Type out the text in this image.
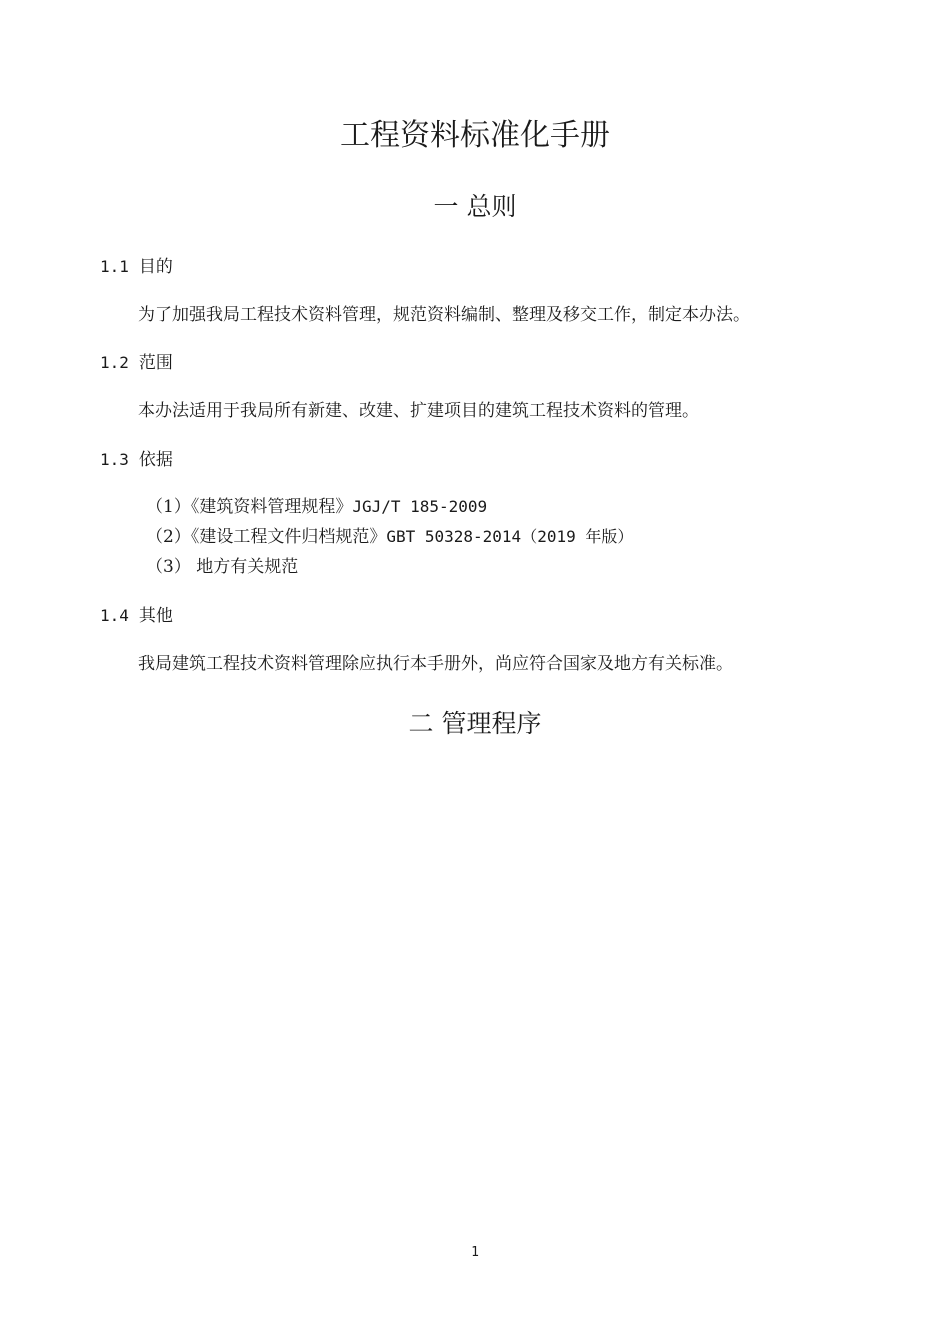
工程资料标准化手册
一 总则
1.1 目的
为了加强我局工程技术资料管理，规范资料编制、整理及移交工作，制定本办法。
1.2 范围
本办法适用于我局所有新建、改建、扩建项目的建筑工程技术资料的管理。
1.3 依据
（1）《建筑资料管理规程》JGJ/T 185-2009
（2）《建设工程文件归档规范》GBT 50328-2014（2019 年版）
（3） 地方有关规范
1.4 其他
我局建筑工程技术资料管理除应执行本手册外，尚应符合国家及地方有关标准。
二 管理程序
1
